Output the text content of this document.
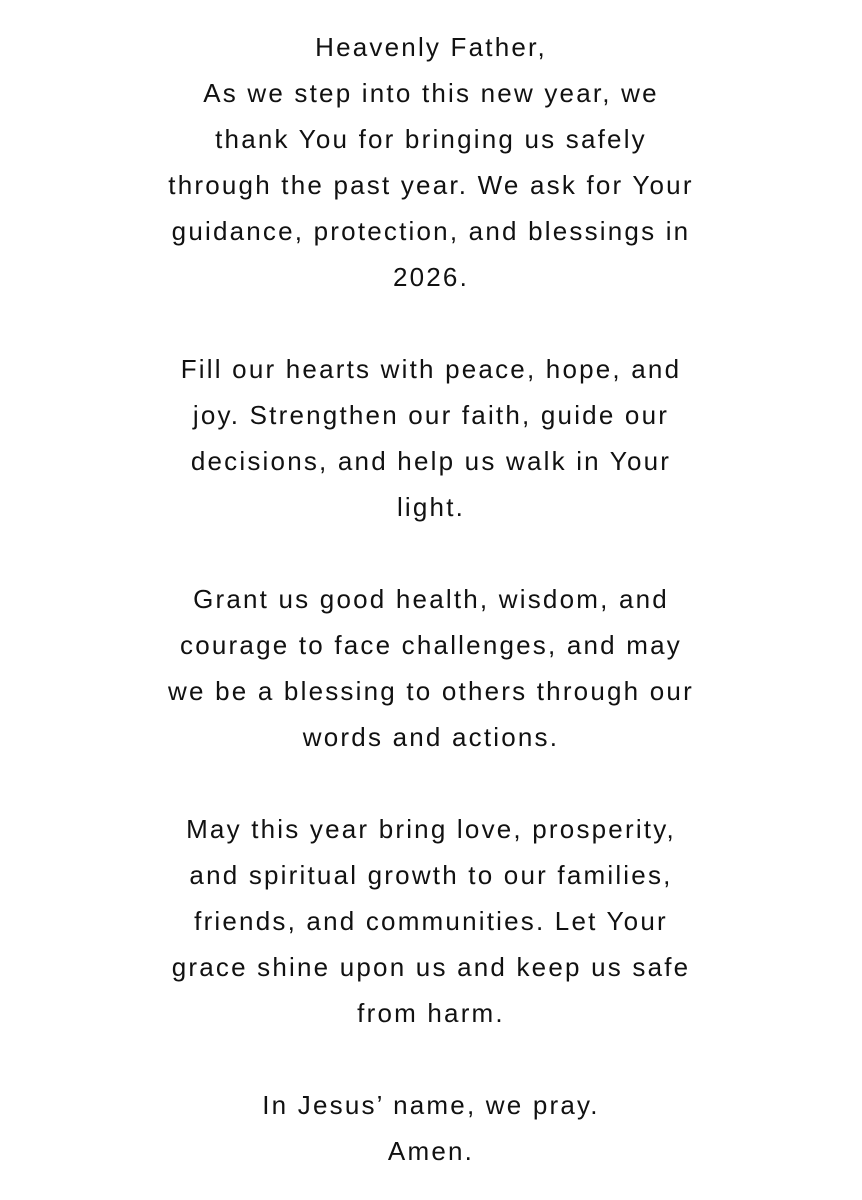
Heavenly Father,
As we step into this new year, we
thank You for bringing us safely
through the past year. We ask for Your
guidance, protection, and blessings in
2026.
Fill our hearts with peace, hope, and
joy. Strengthen our faith, guide our
decisions, and help us walk in Your
light.
Grant us good health, wisdom, and
courage to face challenges, and may
we be a blessing to others through our
words and actions.
May this year bring love, prosperity,
and spiritual growth to our families,
friends, and communities. Let Your
grace shine upon us and keep us safe
from harm.
In Jesus’ name, we pray.
Amen.
